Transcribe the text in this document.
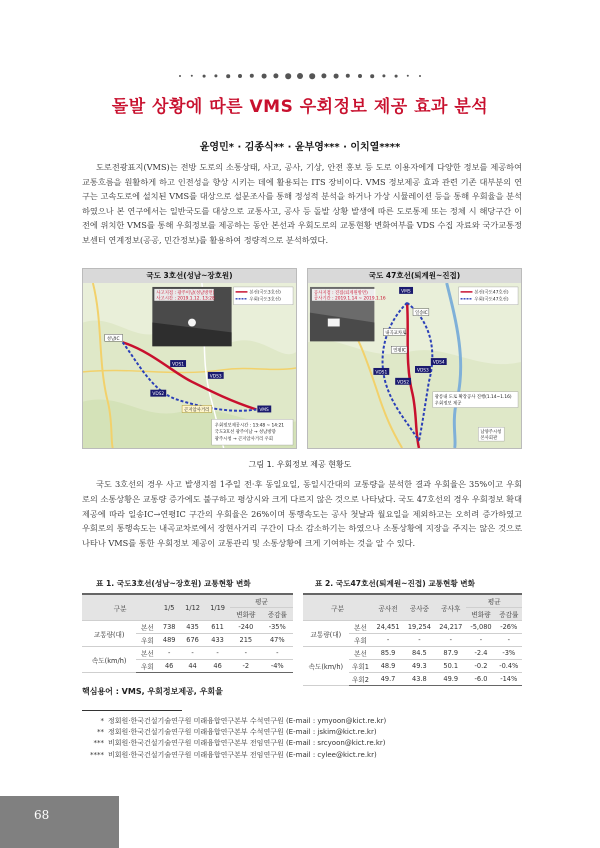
돌발 상황에 따른 VMS 우회정보 제공 효과 분석
윤영민* · 김종식** · 윤부영*** · 이치열****

도로전광표지(VMS)는 전방 도로의 소통상태, 사고, 공사, 기상, 안전 홍보 등 도로 이용자에게 다양한 정보를 제공하여 교통흐름을 원활하게 하고 인전성을 향상 시키는 데에 활용되는 ITS 장비이다. VMS 정보제공 효과 관련 기존 대부분의 연구는 고속도로에 설치된 VMS를 대상으로 설문조사를 통해 정성적 분석을 하거나 가상 시뮬레이션 등을 통해 우회율을 분석하였으나 본 연구에서는 일반국도를 대상으로 교통사고, 공사 등 돌발 상황 발생에 따른 도로통제 또는 정체 시 해당구간 이전에 위치한 VMS를 통해 우회정보를 제공하는 동안 본선과 우회도로의 교통현황 변화여부를 VDS 수집 자료와 국가교통정보센터 연계정보(공공, 민간정보)를 활용하여 정량적으로 분석하였다.

국도 3호선(성남~장호원)
사고지점 : 광주이남(성남방면)
사고시간 : 2019.1.12. 13:28
본선(국도3호선)
우회(국도3호선)
성남IC
VDS1
VDS2
VDS3
VMS
곤지암사거리
우회정보제공시간 : 13:48 ~ 14:21
국도3호선 광주이남 → 성남방향
광주시청 → 곤지암사거리 우회
국도 47호선(퇴계원~진접)
공사지점 : 진접(퇴계원방면)
공사기간 : 2019.1.14 ~ 2019.1.16
본선(국도47호선)
우회(국도47호선)
VMS
일송IC
연평IC
내곡교차로
VDS1
VDS2
VDS3
VDS4
광릉내 도로 확장공사 진행(1.14~1.16)
우회정보 제공
남양주시청
본사회관
그림 1. 우회정보 제공 현황도

국도 3호선의 경우 사고 발생지점 1주일 전·후 동일요일, 동일시간대의 교통량을 분석한 결과 우회율은 35%이고 우회로의 소통상황은 교통량 증가에도 불구하고 평상시와 크게 다르지 않은 것으로 나타났다. 국도 47호선의 경우 우회정보 확대제공에 따라 일송IC→연평IC 구간의 우회율은 26%이며 통행속도는 공사 첫날과 월요일을 제외하고는 오히려 증가하였고 우회로의 통행속도는 내곡교차로에서 장현사거리 구간이 다소 감소하기는 하였으나 소통상황에 지장을 주지는 않은 것으로 나타나 VMS를 통한 우회정보 제공이 교통관리 및 소통상황에 크게 기여하는 것을 알 수 있다.

표 1. 국도3호선(성남~장호원) 교통현황 변화
구분		1/5	1/12	1/19	평균	
					변화량	증감률
교통량(대)	본선	738	435	611	-240	-35%
	우회	489	676	433	215	47%
속도(km/h)	본선	-	-	-	-	-
	우회	46	44	46	-2	-4%
표 2. 국도47호선(퇴계원~진접) 교통현황 변화
구분		공사전	공사중	공사후	평균	
					변화량	증감률
교통량(대)	본선	24,451	19,254	24,217	-5,080	-26%
	우회	-	-	-	-	-
속도(km/h)	본선	85.9	84.5	87.9	-2.4	-3%
	우회1	48.9	49.3	50.1	-0.2	-0.4%
	우회2	49.7	43.8	49.9	-6.0	-14%
핵심용어 : VMS, 우회정보제공, 우회율
* 정회원·한국건설기술연구원 미래융합연구본부 수석연구원 (E-mail : ymyoon@kict.re.kr)
** 정회원·한국건설기술연구원 미래융합연구본부 수석연구원 (E-mail : jskim@kict.re.kr)
*** 비회원·한국건설기술연구원 미래융합연구본부 전임연구원 (E-mail : srcyoon@kict.re.kr)
**** 비회원·한국건설기술연구원 미래융합연구본부 전임연구원 (E-mail : cylee@kict.re.kr)
68
